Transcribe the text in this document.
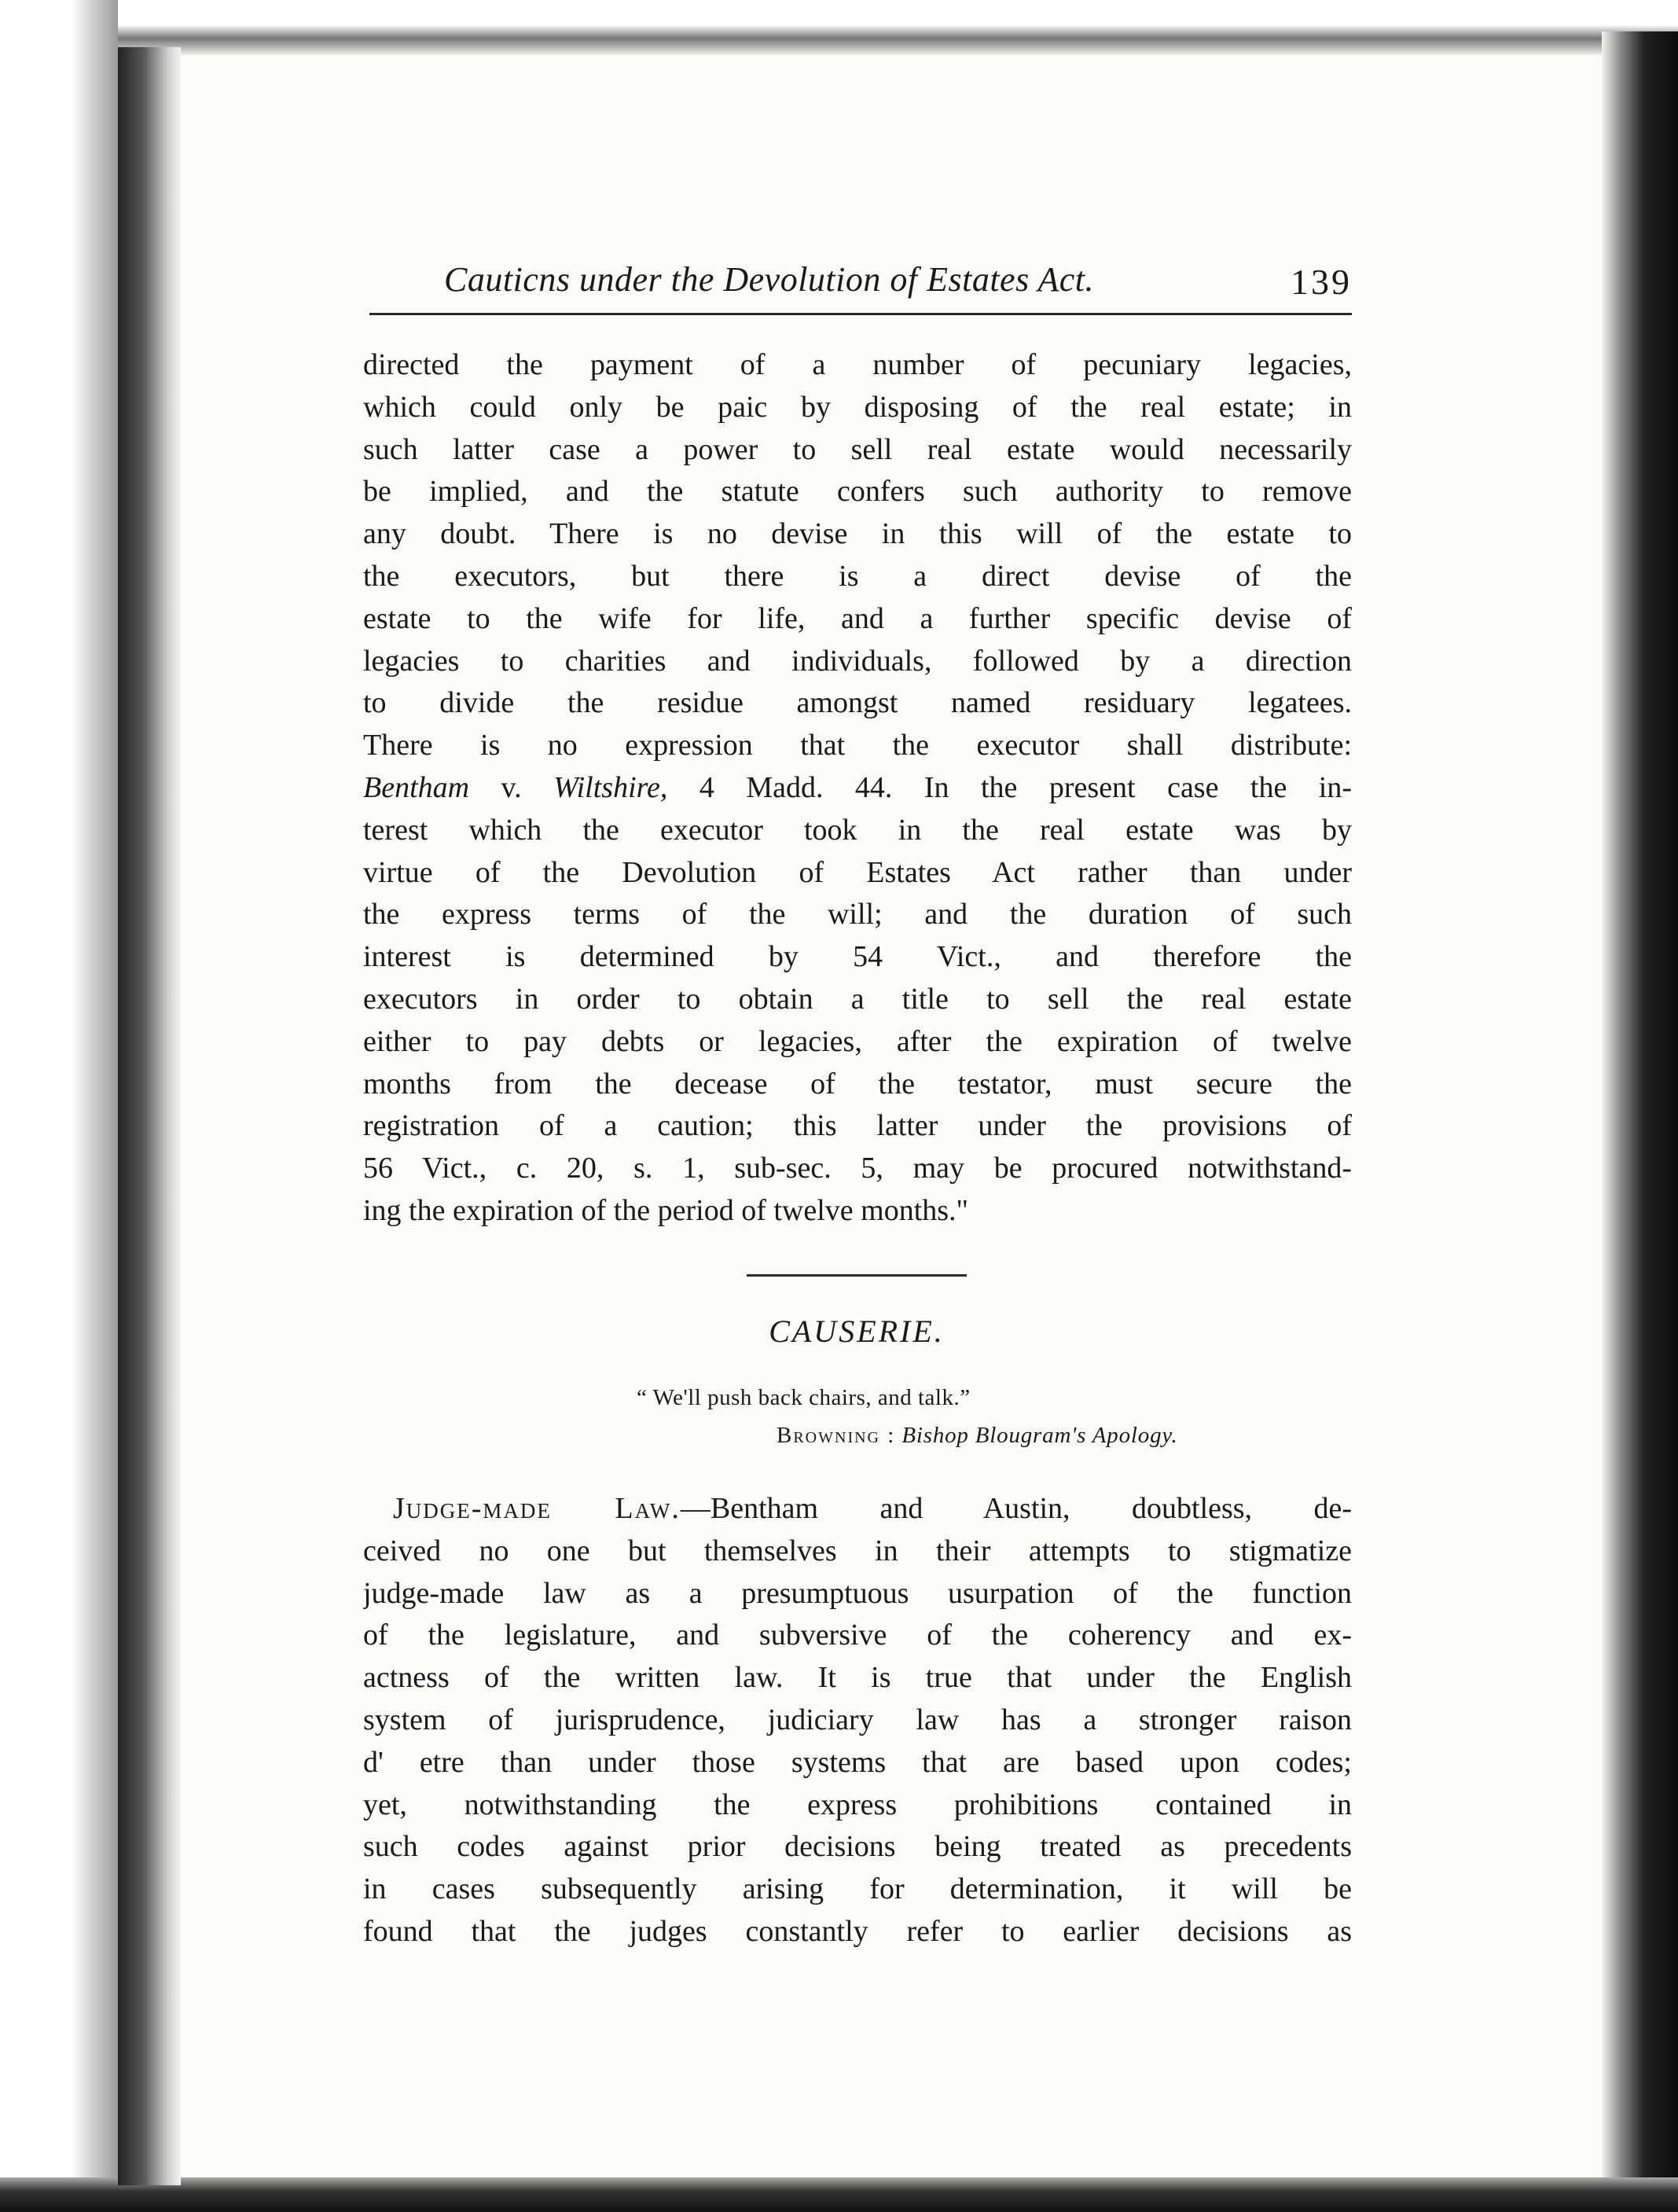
Cauticns under the Devolution of Estates Act.	139
directed the payment of a number of pecuniary legacies,
which could only be paic by disposing of the real estate; in
such latter case a power to sell real estate would necessarily
be implied, and the statute confers such authority to remove
any doubt. There is no devise in this will of the estate to
the executors, but there is a direct devise of the
estate to the wife for life, and a further specific devise of
legacies to charities and individuals, followed by a direction
to divide the residue amongst named residuary legatees.
There is no expression that the executor shall distribute:
Bentham v. Wiltshire, 4 Madd. 44. In the present case the in-
terest which the executor took in the real estate was by
virtue of the Devolution of Estates Act rather than under
the express terms of the will; and the duration of such
interest is determined by 54 Vict., and therefore the
executors in order to obtain a title to sell the real estate
either to pay debts or legacies, after the expiration of twelve
months from the decease of the testator, must secure the
registration of a caution; this latter under the provisions of
56 Vict., c. 20, s. 1, sub-sec. 5, may be procured notwithstand-
ing the expiration of the period of twelve months."
CAUSERIE.
“ We'll push back chairs, and talk.”
Browning : Bishop Blougram's Apology.
 Judge-made Law.—Bentham and Austin, doubtless, de-
ceived no one but themselves in their attempts to stigmatize
judge-made law as a presumptuous usurpation of the function
of the legislature, and subversive of the coherency and ex-
actness of the written law. It is true that under the English
system of jurisprudence, judiciary law has a stronger raison
d' etre than under those systems that are based upon codes;
yet, notwithstanding the express prohibitions contained in
such codes against prior decisions being treated as precedents
in cases subsequently arising for determination, it will be
found that the judges constantly refer to earlier decisions as
